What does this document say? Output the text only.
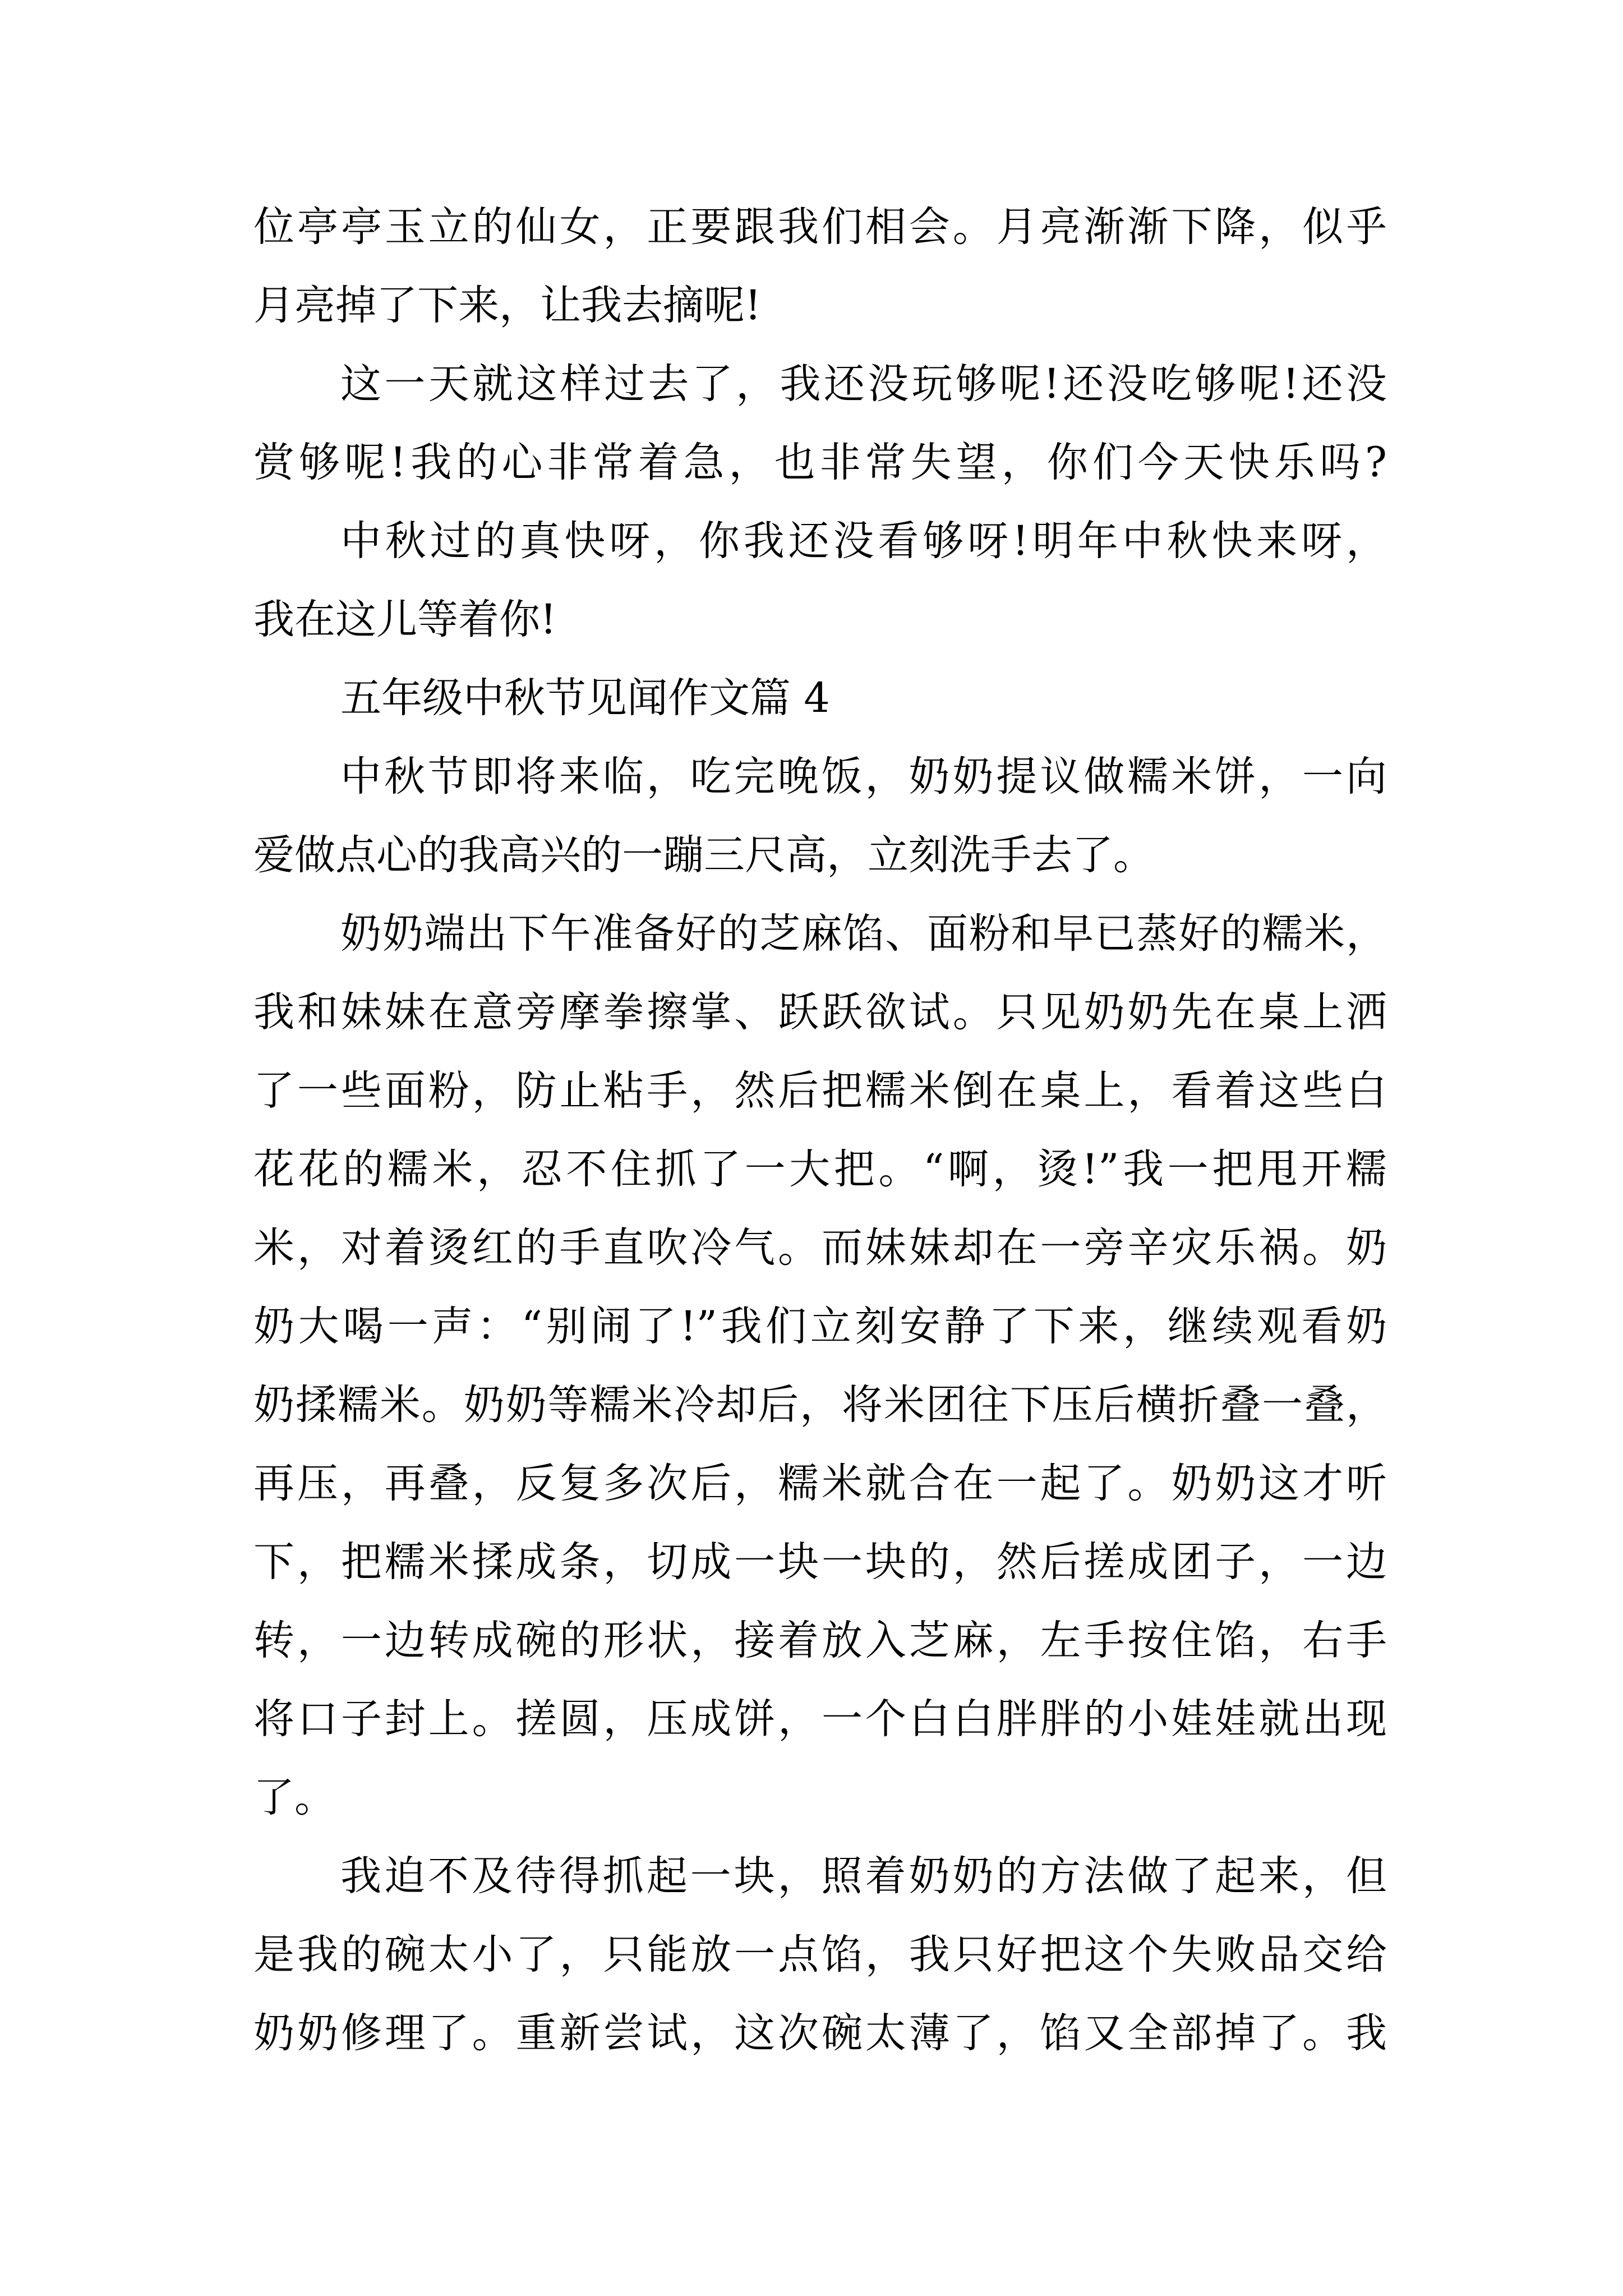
位亭亭玉立的仙女，正要跟我们相会。月亮渐渐下降，似乎
月亮掉了下来，让我去摘呢!
这一天就这样过去了，我还没玩够呢!还没吃够呢!还没
赏够呢!我的心非常着急，也非常失望，你们今天快乐吗?
中秋过的真快呀，你我还没看够呀!明年中秋快来呀，
我在这儿等着你!
五年级中秋节见闻作文篇 4
中秋节即将来临，吃完晚饭，奶奶提议做糯米饼，一向
爱做点心的我高兴的一蹦三尺高，立刻洗手去了。
奶奶端出下午准备好的芝麻馅、面粉和早已蒸好的糯米，
我和妹妹在意旁摩拳擦掌、跃跃欲试。只见奶奶先在桌上洒
了一些面粉，防止粘手，然后把糯米倒在桌上，看着这些白
花花的糯米，忍不住抓了一大把。“啊，烫!”我一把甩开糯
米，对着烫红的手直吹冷气。而妹妹却在一旁辛灾乐祸。奶
奶大喝一声：“别闹了!”我们立刻安静了下来，继续观看奶
奶揉糯米。奶奶等糯米冷却后，将米团往下压后横折叠一叠，
再压，再叠，反复多次后，糯米就合在一起了。奶奶这才听
下，把糯米揉成条，切成一块一块的，然后搓成团子，一边
转，一边转成碗的形状，接着放入芝麻，左手按住馅，右手
将口子封上。搓圆，压成饼，一个白白胖胖的小娃娃就出现
了。
我迫不及待得抓起一块，照着奶奶的方法做了起来，但
是我的碗太小了，只能放一点馅，我只好把这个失败品交给
奶奶修理了。重新尝试，这次碗太薄了，馅又全部掉了。我
